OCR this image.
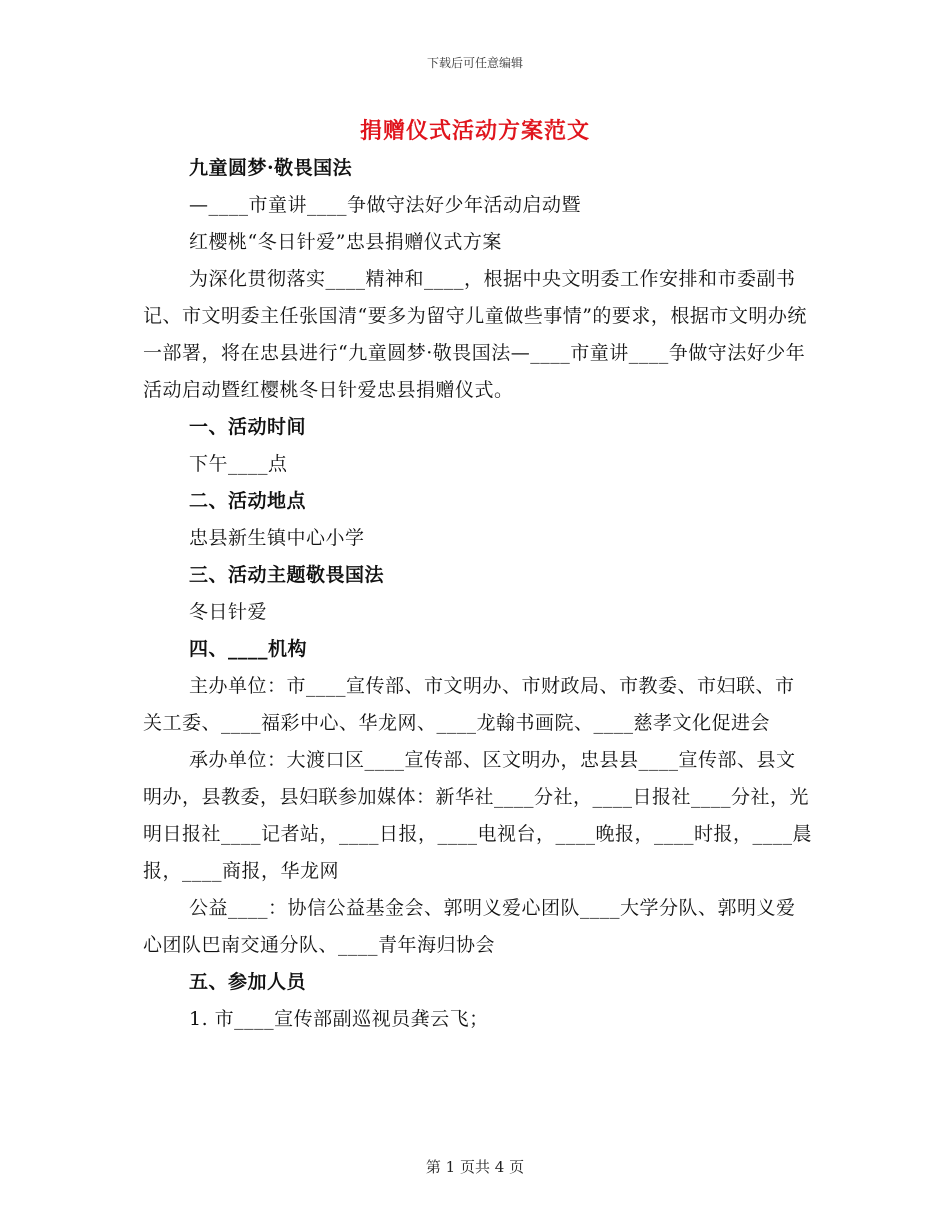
下载后可任意编辑
捐赠仪式活动方案范文

九童圆梦·敬畏国法

—____市童讲____争做守法好少年活动启动暨

红樱桃“冬日针爱”忠县捐赠仪式方案

为深化贯彻落实____精神和____，根据中央文明委工作安排和市委副书记、市文明委主任张国清“要多为留守儿童做些事情”的要求，根据市文明办统一部署，将在忠县进行“九童圆梦·敬畏国法—____市童讲____争做守法好少年活动启动暨红樱桃冬日针爱忠县捐赠仪式。

一、活动时间

下午____点

二、活动地点

忠县新生镇中心小学

三、活动主题敬畏国法

冬日针爱

四、____机构

主办单位：市____宣传部、市文明办、市财政局、市教委、市妇联、市关工委、____福彩中心、华龙网、____龙翰书画院、____慈孝文化促进会

承办单位：大渡口区____宣传部、区文明办，忠县县____宣传部、县文明办，县教委，县妇联参加媒体：新华社____分社，____日报社____分社，光明日报社____记者站，____日报，____电视台，____晚报，____时报，____晨报，____商报，华龙网

公益____：协信公益基金会、郭明义爱心团队____大学分队、郭明义爱心团队巴南交通分队、____青年海归协会

五、参加人员

1. 市____宣传部副巡视员龚云飞；

第 1 页共 4 页
